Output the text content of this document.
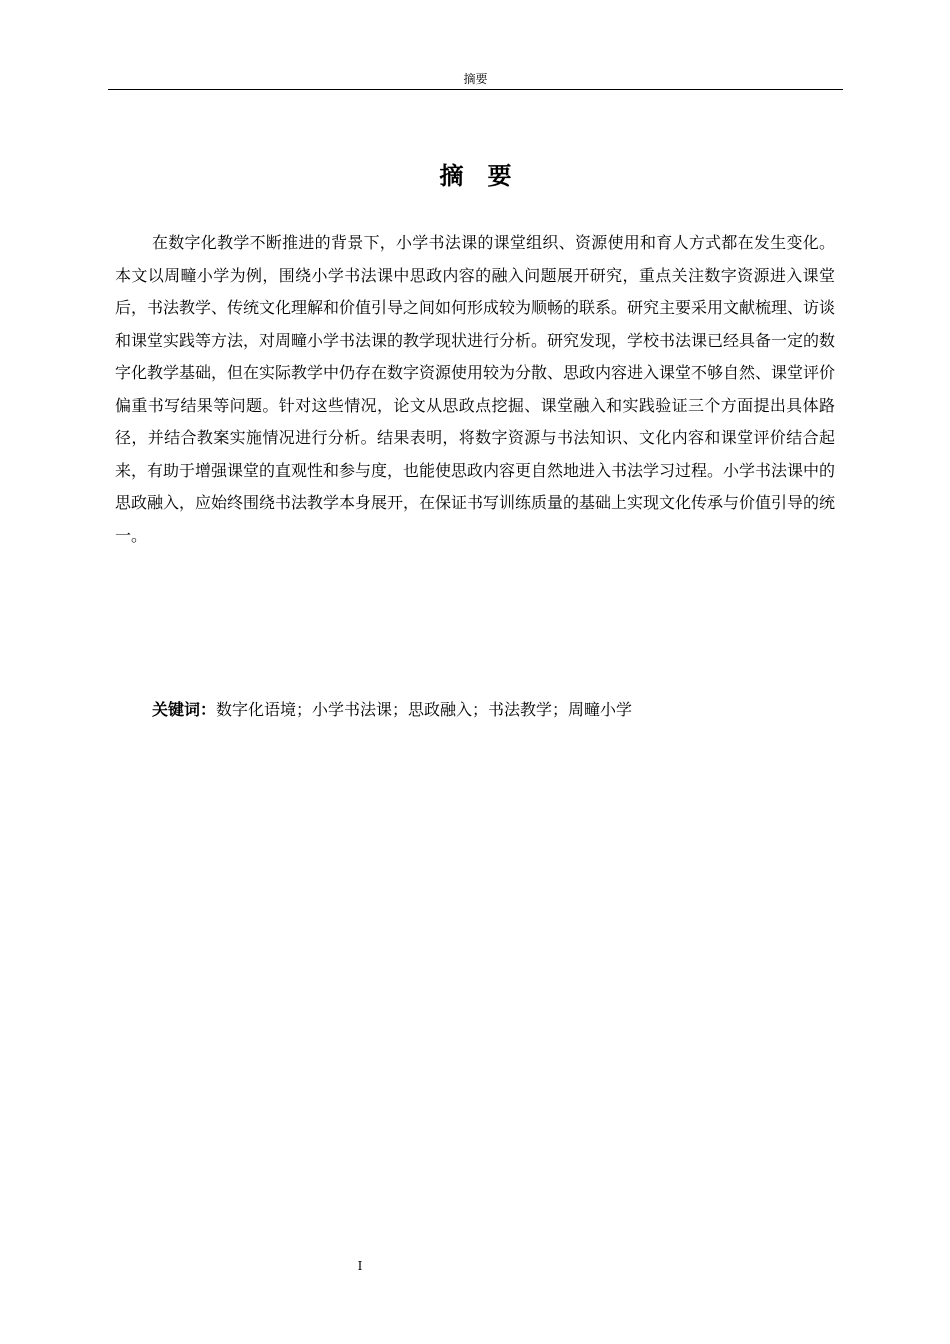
摘要
摘要

在数字化教学不断推进的背景下，小学书法课的课堂组织、资源使用和育人方式都在发生变化。本文以周疃小学为例，围绕小学书法课中思政内容的融入问题展开研究，重点关注数字资源进入课堂后，书法教学、传统文化理解和价值引导之间如何形成较为顺畅的联系。研究主要采用文献梳理、访谈和课堂实践等方法，对周疃小学书法课的教学现状进行分析。研究发现，学校书法课已经具备一定的数字化教学基础，但在实际教学中仍存在数字资源使用较为分散、思政内容进入课堂不够自然、课堂评价偏重书写结果等问题。针对这些情况，论文从思政点挖掘、课堂融入和实践验证三个方面提出具体路径，并结合教案实施情况进行分析。结果表明，将数字资源与书法知识、文化内容和课堂评价结合起来，有助于增强课堂的直观性和参与度，也能使思政内容更自然地进入书法学习过程。小学书法课中的思政融入，应始终围绕书法教学本身展开，在保证书写训练质量的基础上实现文化传承与价值引导的统一。

关键词：数字化语境；小学书法课；思政融入；书法教学；周疃小学

I
